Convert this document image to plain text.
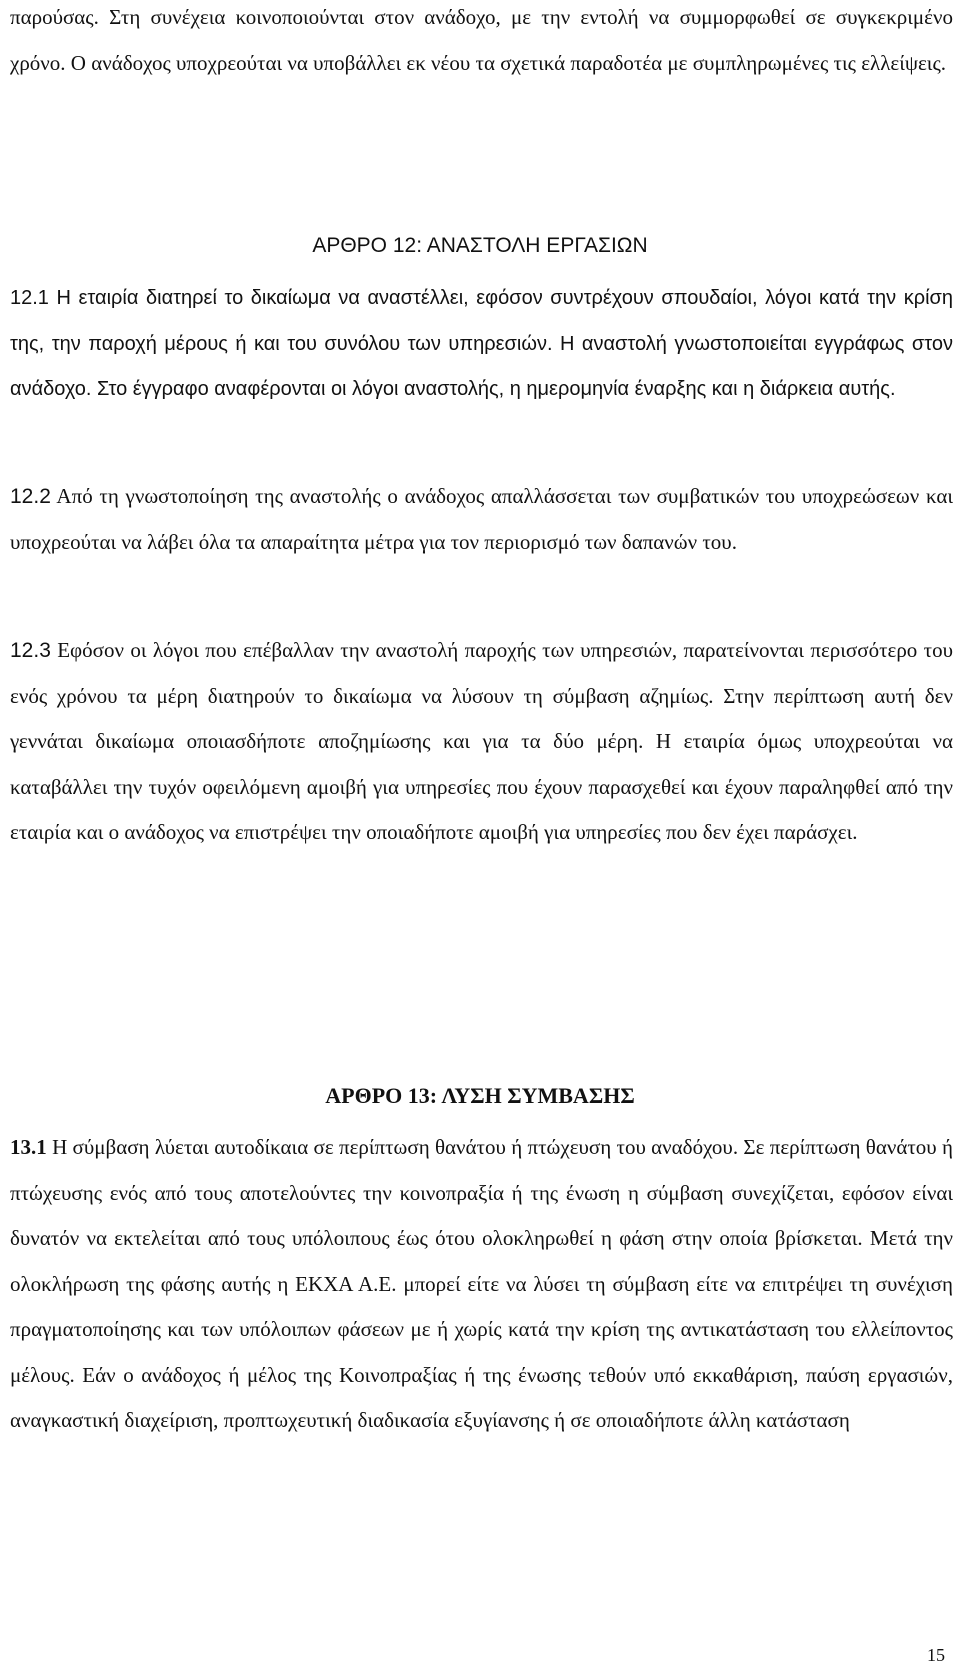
παρούσας. Στη συνέχεια κοινοποιούνται στον ανάδοχο, με την εντολή να συμμορφωθεί σε συγκεκριμένο χρόνο. Ο ανάδοχος υποχρεούται να υποβάλλει εκ νέου τα σχετικά παραδοτέα με συμπληρωμένες τις ελλείψεις.

ΑΡΘΡΟ 12: ΑΝΑΣΤΟΛΗ ΕΡΓΑΣΙΩΝ

12.1 Η εταιρία διατηρεί το δικαίωμα να αναστέλλει, εφόσον συντρέχουν σπουδαίοι, λόγοι κατά την κρίση της, την παροχή μέρους ή και του συνόλου των υπηρεσιών. Η αναστολή γνωστοποιείται εγγράφως στον ανάδοχο. Στο έγγραφο αναφέρονται οι λόγοι αναστολής, η ημερομηνία έναρξης και η διάρκεια αυτής.

12.2 Από τη γνωστοποίηση της αναστολής ο ανάδοχος απαλλάσσεται των συμβατικών του υποχρεώσεων και υποχρεούται να λάβει όλα τα απαραίτητα μέτρα για τον περιορισμό των δαπανών του.

12.3 Εφόσον οι λόγοι που επέβαλλαν την αναστολή παροχής των υπηρεσιών, παρατείνονται περισσότερο του ενός χρόνου τα μέρη διατηρούν το δικαίωμα να λύσουν τη σύμβαση αζημίως. Στην περίπτωση αυτή δεν γεννάται δικαίωμα οποιασδήποτε αποζημίωσης και για τα δύο μέρη. Η εταιρία όμως υποχρεούται να καταβάλλει την τυχόν οφειλόμενη αμοιβή για υπηρεσίες που έχουν παρασχεθεί και έχουν παραληφθεί από την εταιρία και ο ανάδοχος να επιστρέψει την οποιαδήποτε αμοιβή για υπηρεσίες που δεν έχει παράσχει.

ΑΡΘΡΟ 13: ΛΥΣΗ ΣΥΜΒΑΣΗΣ

13.1 Η σύμβαση λύεται αυτοδίκαια σε περίπτωση θανάτου ή πτώχευση του αναδόχου. Σε περίπτωση θανάτου ή πτώχευσης ενός από τους αποτελούντες την κοινοπραξία ή της ένωση η σύμβαση συνεχίζεται, εφόσον είναι δυνατόν να εκτελείται από τους υπόλοιπους έως ότου ολοκληρωθεί η φάση στην οποία βρίσκεται. Μετά την ολοκλήρωση της φάσης αυτής η ΕΚΧΑ Α.Ε. μπορεί είτε να λύσει τη σύμβαση είτε να επιτρέψει τη συνέχιση πραγματοποίησης και των υπόλοιπων φάσεων με ή χωρίς κατά την κρίση της αντικατάσταση του ελλείποντος μέλους. Εάν ο ανάδοχος ή μέλος της Κοινοπραξίας ή της ένωσης τεθούν υπό εκκαθάριση, παύση εργασιών, αναγκαστική διαχείριση, προπτωχευτική διαδικασία εξυγίανσης ή σε οποιαδήποτε άλλη κατάσταση

15
